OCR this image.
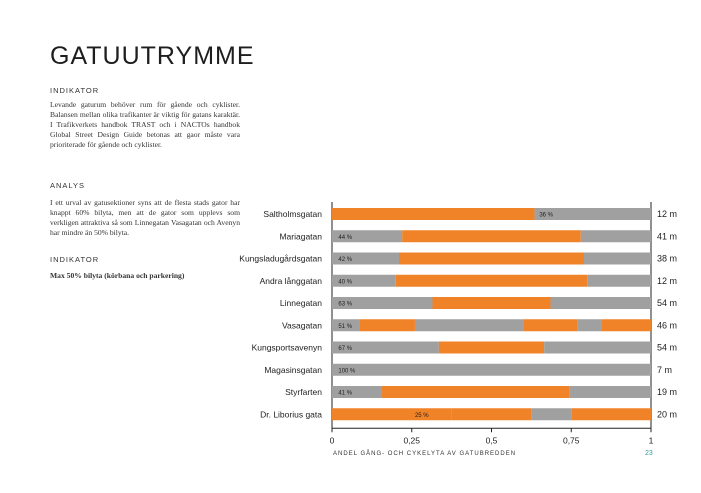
GATUUTRYMME
INDIKATOR

Levande gaturum behöver rum för gående och cyklister. Balansen mellan olika trafikanter är viktig för gatans karaktär. I Trafikverkets handbok TRAST och i NACTOs handbok Global Street Design Guide betonas att gaor måste vara prioriterade för gående och cyklister.

ANALYS

I ett urval av gatusektioner syns att de flesta stads gator har knappt 60% bilyta, men att de gator som upplevs som verkligen attraktiva så som Linnegatan Vasagatan och Avenyn har mindre än 50% bilyta.

INDIKATOR
Max 50% bilyta (körbana och parkering)
Saltholmsgatan	36 %	12 m
Mariagatan	44 %	41 m
Kungsladugårdsgatan	42 %	38 m
Andra långgatan	40 %	12 m
Linnegatan	63 %	54 m
Vasagatan	51 %	46 m
Kungsportsavenyn	67 %	54 m
Magasinsgatan	100 %	7 m
Styrfarten	41 %	19 m
Dr. Liborius gata	25 %	20 m
0	0,25	0,5	0,75	1
ANDEL GÅNG- OCH CYKELYTA AV GATUBREDDEN	23
